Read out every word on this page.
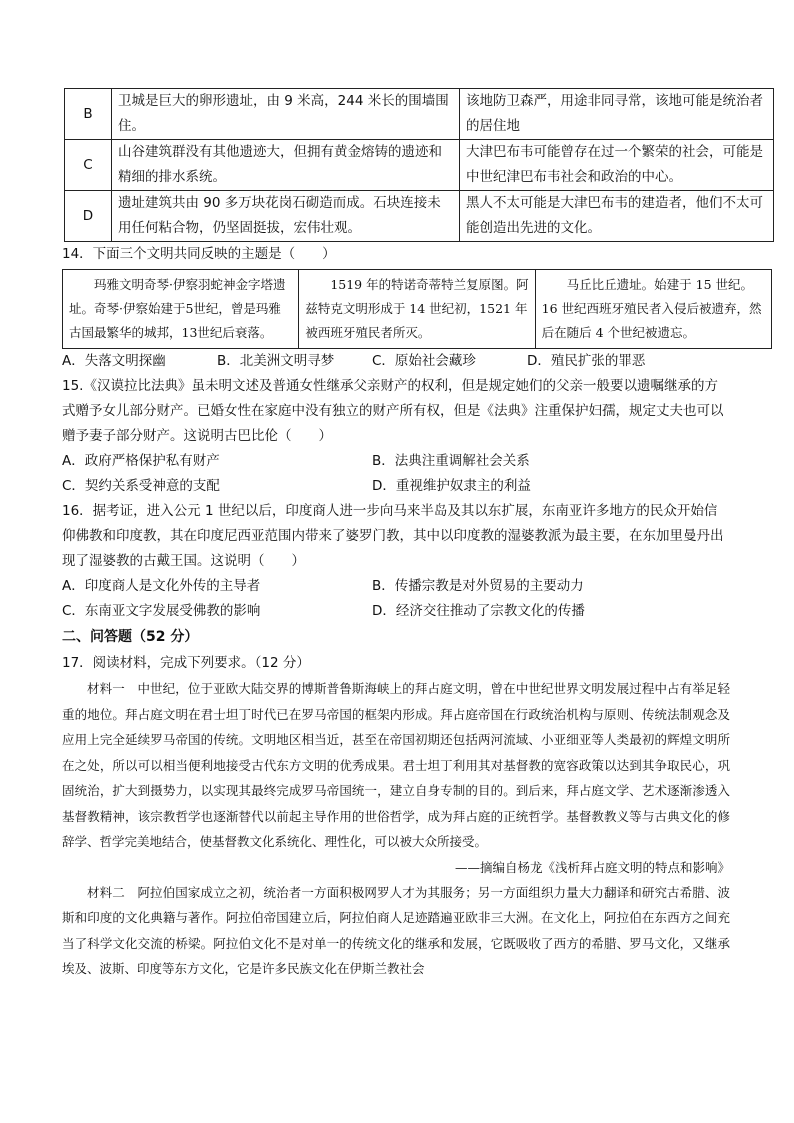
B	卫城是巨大的卵形遗址，由 9 米高，244 米长的围墙围住。	该地防卫森严，用途非同寻常，该地可能是统治者的居住地
C	山谷建筑群没有其他遗迹大，但拥有黄金熔铸的遗迹和精细的排水系统。	大津巴布韦可能曾存在过一个繁荣的社会，可能是中世纪津巴布韦社会和政治的中心。
D	遗址建筑共由 90 多万块花岗石砌造而成。石块连接未用任何粘合物，仍坚固挺拔，宏伟壮观。	黑人不太可能是大津巴布韦的建造者，他们不太可能创造出先进的文化。

14．下面三个文明共同反映的主题是（　　）

玛雅文明奇琴·伊察羽蛇神金字塔遗址。奇琴·伊察始建于5世纪，曾是玛雅古国最繁华的城邦，13世纪后衰落。	1519 年的特诺奇蒂特兰复原图。阿兹特克文明形成于 14 世纪初，1521 年被西班牙殖民者所灭。	马丘比丘遗址。始建于 15 世纪。16 世纪西班牙殖民者入侵后被遗弃，然后在随后 4 个世纪被遗忘。
A．失落文明探幽	B．北美洲文明寻梦	C．原始社会藏珍	D．殖民扩张的罪恶

15.《汉谟拉比法典》虽未明文述及普通女性继承父亲财产的权利，但是规定她们的父亲一般要以遗嘱继承的方式赠予女儿部分财产。已婚女性在家庭中没有独立的财产所有权，但是《法典》注重保护妇孺，规定丈夫也可以赠予妻子部分财产。这说明古巴比伦（　　）

A．政府严格保护私有财产	B．法典注重调解社会关系
C．契约关系受神意的支配	D．重视维护奴隶主的利益

16．据考证，进入公元 1 世纪以后，印度商人进一步向马来半岛及其以东扩展，东南亚许多地方的民众开始信仰佛教和印度教，其在印度尼西亚范围内带来了婆罗门教，其中以印度教的湿婆教派为最主要，在东加里曼丹出现了湿婆教的古戴王国。这说明（　　）

A．印度商人是文化外传的主导者	B．传播宗教是对外贸易的主要动力
C．东南亚文字发展受佛教的影响	D．经济交往推动了宗教文化的传播
二、问答题（52 分）

17．阅读材料，完成下列要求。（12 分）

材料一　中世纪，位于亚欧大陆交界的博斯普鲁斯海峡上的拜占庭文明，曾在中世纪世界文明发展过程中占有举足轻重的地位。拜占庭文明在君士坦丁时代已在罗马帝国的框架内形成。拜占庭帝国在行政统治机构与原则、传统法制观念及应用上完全延续罗马帝国的传统。文明地区相当近，甚至在帝国初期还包括两河流域、小亚细亚等人类最初的辉煌文明所在之处，所以可以相当便利地接受古代东方文明的优秀成果。君士坦丁利用其对基督教的宽容政策以达到其争取民心，巩固统治，扩大到摄势力，以实现其最终完成罗马帝国统一，建立自身专制的目的。到后来，拜占庭文学、艺术逐渐渗透入基督教精神，该宗教哲学也逐渐替代以前起主导作用的世俗哲学，成为拜占庭的正统哲学。基督教教义等与古典文化的修辞学、哲学完美地结合，使基督教文化系统化、理性化，可以被大众所接受。

——摘编自杨龙《浅析拜占庭文明的特点和影响》

材料二　阿拉伯国家成立之初，统治者一方面积极网罗人才为其服务；另一方面组织力量大力翻译和研究古希腊、波斯和印度的文化典籍与著作。阿拉伯帝国建立后，阿拉伯商人足迹踏遍亚欧非三大洲。在文化上，阿拉伯在东西方之间充当了科学文化交流的桥梁。阿拉伯文化不是对单一的传统文化的继承和发展，它既吸收了西方的希腊、罗马文化，又继承埃及、波斯、印度等东方文化，它是许多民族文化在伊斯兰教社会
